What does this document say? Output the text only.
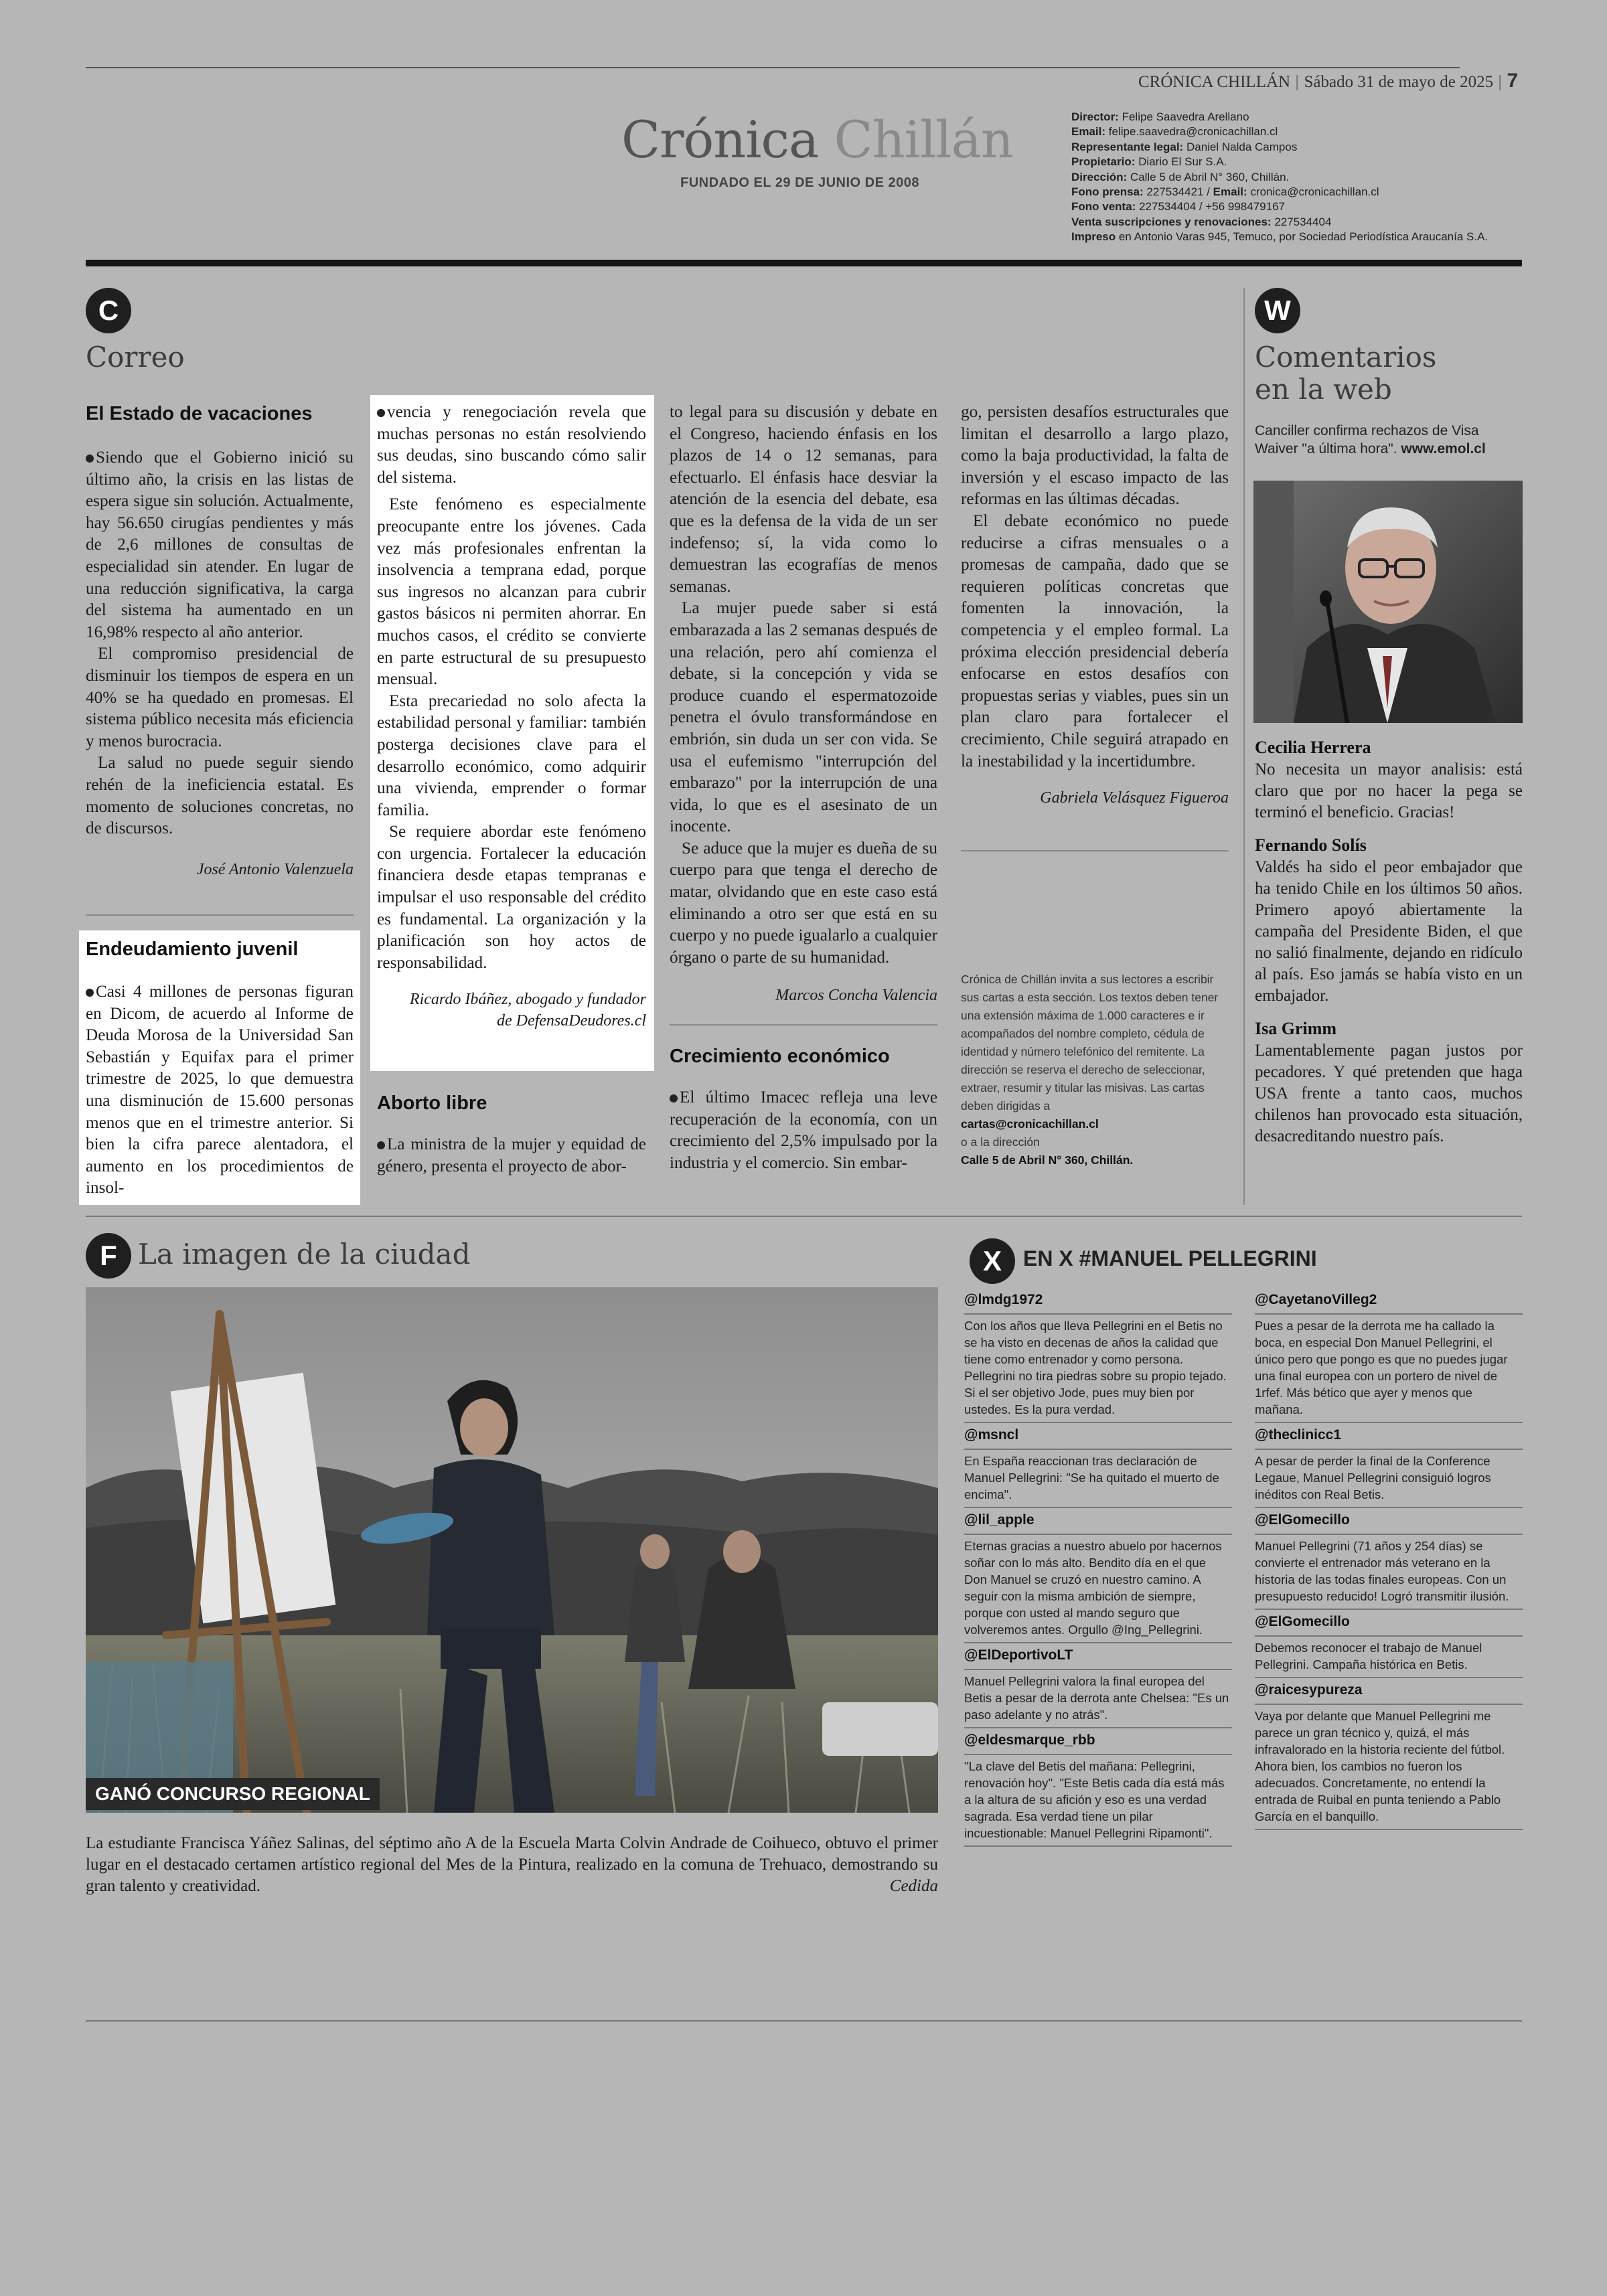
CRÓNICA CHILLÁN | Sábado 31 de mayo de 2025 | 7
Crónica Chillán
FUNDADO EL 29 DE JUNIO DE 2008
Director: Felipe Saavedra Arellano
Email: felipe.saavedra@cronicachillan.cl
Representante legal: Daniel Nalda Campos
Propietario: Diario El Sur S.A.
Dirección: Calle 5 de Abril N° 360, Chillán.
Fono prensa: 227534421 / Email: cronica@cronicachillan.cl
Fono venta: 227534404 / +56 998479167
Venta suscripciones y renovaciones: 227534404
Impreso en Antonio Varas 945, Temuco, por Sociedad Periodística Araucanía S.A.
C
Correo
El Estado de vacaciones

Siendo que el Gobierno inició su último año, la crisis en las listas de espera sigue sin solución. Actualmente, hay 56.650 cirugías pendientes y más de 2,6 millones de consultas de especialidad sin atender. En lugar de una reducción significativa, la carga del sistema ha aumentado en un 16,98% respecto al año anterior.

El compromiso presidencial de disminuir los tiempos de espera en un 40% se ha quedado en promesas. El sistema público necesita más eficiencia y menos burocracia.

La salud no puede seguir siendo rehén de la ineficiencia estatal. Es momento de soluciones concretas, no de discursos.

José Antonio Valenzuela
Endeudamiento juvenil

Casi 4 millones de personas figuran en Dicom, de acuerdo al Informe de Deuda Morosa de la Universidad San Sebastián y Equifax para el primer trimestre de 2025, lo que demuestra una disminución de 15.600 personas menos que en el trimestre anterior. Si bien la cifra parece alentadora, el aumento en los procedimientos de insol-

vencia y renegociación revela que muchas personas no están resolviendo sus deudas, sino buscando cómo salir del sistema.

Este fenómeno es especialmente preocupante entre los jóvenes. Cada vez más profesionales enfrentan la insolvencia a temprana edad, porque sus ingresos no alcanzan para cubrir gastos básicos ni permiten ahorrar. En muchos casos, el crédito se convierte en parte estructural de su presupuesto mensual.

Esta precariedad no solo afecta la estabilidad personal y familiar: también posterga decisiones clave para el desarrollo económico, como adquirir una vivienda, emprender o formar familia.

Se requiere abordar este fenómeno con urgencia. Fortalecer la educación financiera desde etapas tempranas e impulsar el uso responsable del crédito es fundamental. La organización y la planificación son hoy actos de responsabilidad.

Ricardo Ibáñez, abogado y fundador
de DefensaDeudores.cl
Aborto libre

La ministra de la mujer y equidad de género, presenta el proyecto de abor-

to legal para su discusión y debate en el Congreso, haciendo énfasis en los plazos de 14 o 12 semanas, para efectuarlo. El énfasis hace desviar la atención de la esencia del debate, esa que es la defensa de la vida de un ser indefenso; sí, la vida como lo demuestran las ecografías de menos semanas.

La mujer puede saber si está embarazada a las 2 semanas después de una relación, pero ahí comienza el debate, si la concepción y vida se produce cuando el espermatozoide penetra el óvulo transformándose en embrión, sin duda un ser con vida. Se usa el eufemismo "interrupción del embarazo" por la interrupción de una vida, lo que es el asesinato de un inocente.

Se aduce que la mujer es dueña de su cuerpo para que tenga el derecho de matar, olvidando que en este caso está eliminando a otro ser que está en su cuerpo y no puede igualarlo a cualquier órgano o parte de su humanidad.

Marcos Concha Valencia
Crecimiento económico

El último Imacec refleja una leve recuperación de la economía, con un crecimiento del 2,5% impulsado por la industria y el comercio. Sin embar-

go, persisten desafíos estructurales que limitan el desarrollo a largo plazo, como la baja productividad, la falta de inversión y el escaso impacto de las reformas en las últimas décadas.

El debate económico no puede reducirse a cifras mensuales o a promesas de campaña, dado que se requieren políticas concretas que fomenten la innovación, la competencia y el empleo formal. La próxima elección presidencial debería enfocarse en estos desafíos con propuestas serias y viables, pues sin un plan claro para fortalecer el crecimiento, Chile seguirá atrapado en la inestabilidad y la incertidumbre.

Gabriela Velásquez Figueroa
Crónica de Chillán invita a sus lectores a escribir sus cartas a esta sección. Los textos deben tener una extensión máxima de 1.000 caracteres e ir acompañados del nombre completo, cédula de identidad y número telefónico del remitente. La dirección se reserva el derecho de seleccionar, extraer, resumir y titular las misivas. Las cartas deben dirigidas a
cartas@cronicachillan.cl
o a la dirección
Calle 5 de Abril N° 360, Chillán.
W
Comentarios
en la web
Canciller confirma rechazos de Visa Waiver "a última hora". www.emol.cl
Cecilia Herrera
No necesita un mayor analisis: está claro que por no hacer la pega se terminó el beneficio. Gracias!
Fernando Solís
Valdés ha sido el peor embajador que ha tenido Chile en los últimos 50 años. Primero apoyó abiertamente la campaña del Presidente Biden, el que no salió finalmente, dejando en ridículo al país. Eso jamás se había visto en un embajador.
Isa Grimm
Lamentablemente pagan justos por pecadores. Y qué pretenden que haga USA frente a tanto caos, muchos chilenos han provocado esta situación, desacreditando nuestro país.
F La imagen de la ciudad
GANÓ CONCURSO REGIONAL
La estudiante Francisca Yáñez Salinas, del séptimo año A de la Escuela Marta Colvin Andrade de Coihueco, obtuvo el primer lugar en el destacado certamen artístico regional del Mes de la Pintura, realizado en la comuna de Trehuaco, demostrando su gran talento y creatividad.	Cedida
X	EN X #MANUEL PELLEGRINI
@lmdg1972
Con los años que lleva Pellegrini en el Betis no se ha visto en decenas de años la calidad que tiene como entrenador y como persona. Pellegrini no tira piedras sobre su propio tejado. Si el ser objetivo Jode, pues muy bien por ustedes. Es la pura verdad.
@msncl
En España reaccionan tras declaración de Manuel Pellegrini: "Se ha quitado el muerto de encima".
@lil_apple
Eternas gracias a nuestro abuelo por hacernos soñar con lo más alto. Bendito día en el que Don Manuel se cruzó en nuestro camino. A seguir con la misma ambición de siempre, porque con usted al mando seguro que volveremos antes. Orgullo @Ing_Pellegrini.
@ElDeportivoLT
Manuel Pellegrini valora la final europea del Betis a pesar de la derrota ante Chelsea: "Es un paso adelante y no atrás".
@eldesmarque_rbb
"La clave del Betis del mañana: Pellegrini, renovación hoy". "Este Betis cada día está más a la altura de su afición y eso es una verdad sagrada. Esa verdad tiene un pilar incuestionable: Manuel Pellegrini Ripamonti".
@CayetanoVilleg2
Pues a pesar de la derrota me ha callado la boca, en especial Don Manuel Pellegrini, el único pero que pongo es que no puedes jugar una final europea con un portero de nivel de 1rfef. Más bético que ayer y menos que mañana.
@theclinicc1
A pesar de perder la final de la Conference Legaue, Manuel Pellegrini consiguió logros inéditos con Real Betis.
@ElGomecillo
Manuel Pellegrini (71 años y 254 días) se convierte el entrenador más veterano en la historia de las todas finales europeas. Con un presupuesto reducido! Logró transmitir ilusión.
@ElGomecillo
Debemos reconocer el trabajo de Manuel Pellegrini. Campaña histórica en Betis.
@raicesypureza
Vaya por delante que Manuel Pellegrini me parece un gran técnico y, quizá, el más infravalorado en la historia reciente del fútbol. Ahora bien, los cambios no fueron los adecuados. Concretamente, no entendí la entrada de Ruibal en punta teniendo a Pablo García en el banquillo.
